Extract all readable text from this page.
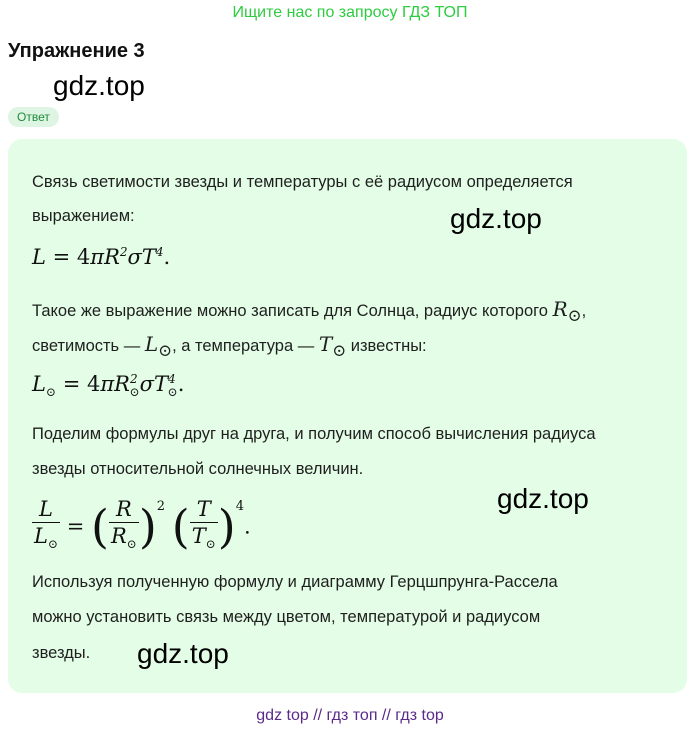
Ищите нас по запросу ГДЗ ТОП
Упражнение 3
gdz.top
Ответ
Связь светимости звезды и температуры с её радиусом определяется
выражением:	gdz.top
$L = 4\pi R^2\sigma T^4$.
Такое же выражение можно записать для Солнца, радиус которого $R_⊙$,
светимость — $L_⊙$, а температура — $T_⊙$ известны:
$L_⊙ = 4\pi R^2_⊙\sigma T^4_⊙$.
Поделим формулы друг на друга, и получим способ вычисления радиуса
звезды относительной солнечных величин.
gdz.top
$\frac{L}{L_⊙}$ = ( $\frac{R}{R_⊙} )^2$ ( $\frac{T}{T_⊙} )^4$.
Используя полученную формулу и диаграмму Герцшпрунга-Рассела
можно установить связь между цветом, температурой и радиусом
звезды. gdz.top
gdz top // гдз топ // гдз top
